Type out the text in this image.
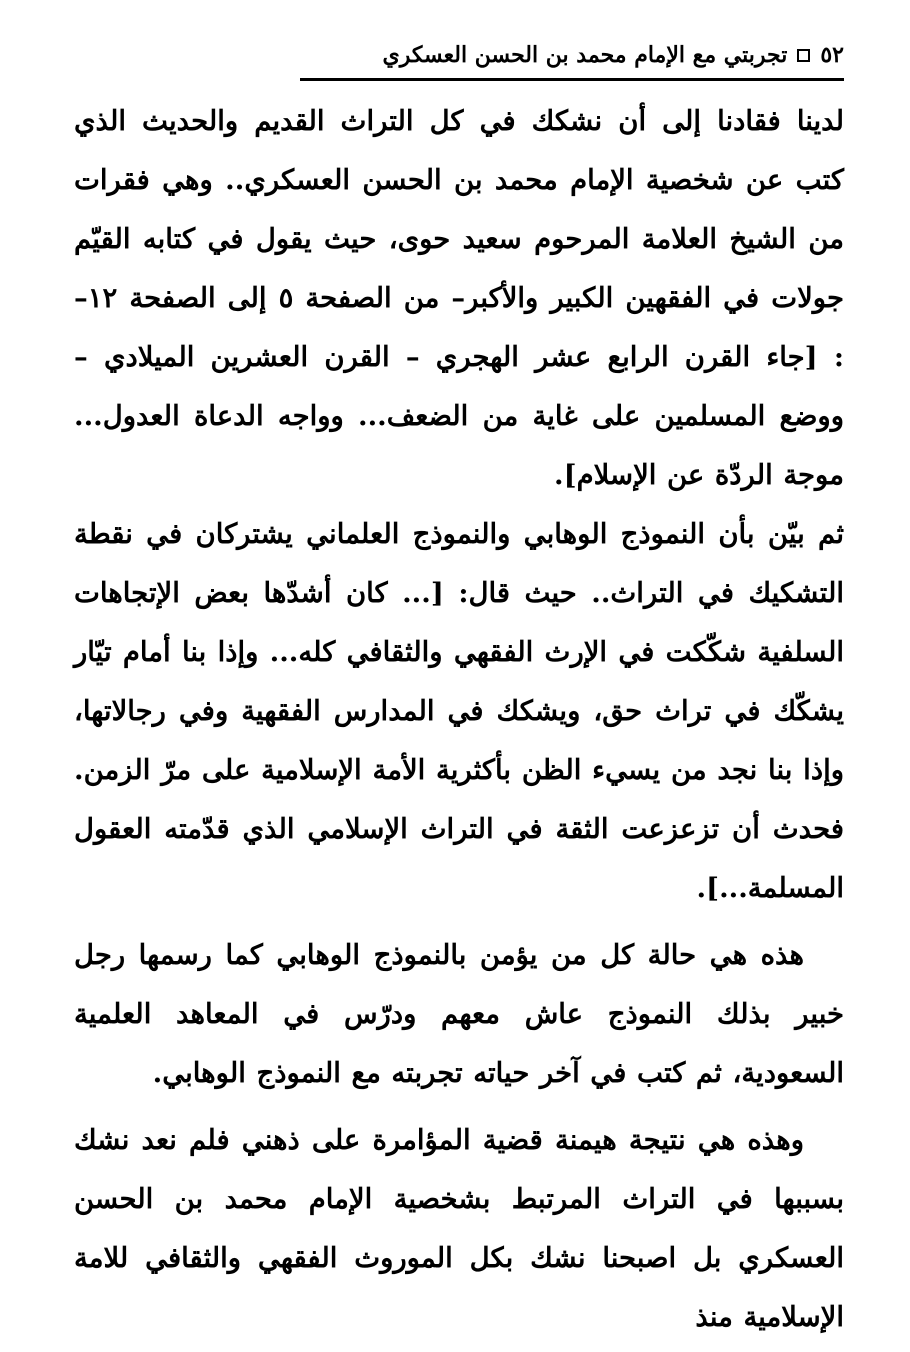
٥٢
تجربتي مع الإمام محمد بن الحسن العسكري

لدينا فقادنا إلى أن نشكك في كل التراث القديم والحديث الذي كتب عن شخصية الإمام محمد بن الحسن العسكري.. وهي فقرات من الشيخ العلامة المرحوم سعيد حوى، حيث يقول في كتابه القيّم جولات في الفقهين الكبير والأكبر– من الصفحة ٥ إلى الصفحة ١٢– : [جاء القرن الرابع عشر الهجري – القرن العشرين الميلادي – ووضع المسلمين على غاية من الضعف... وواجه الدعاة العدول... موجة الردّة عن الإسلام].

ثم بيّن بأن النموذج الوهابي والنموذج العلماني يشتركان في نقطة التشكيك في التراث.. حيث قال: [... كان أشدّها بعض الإتجاهات السلفية شكّكت في الإرث الفقهي والثقافي كله... وإذا بنا أمام تيّار يشكّك في تراث حق، ويشكك في المدارس الفقهية وفي رجالاتها، وإذا بنا نجد من يسيء الظن بأكثرية الأمة الإسلامية على مرّ الزمن. فحدث أن تزعزعت الثقة في التراث الإسلامي الذي قدّمته العقول المسلمة...].

هذه هي حالة كل من يؤمن بالنموذج الوهابي كما رسمها رجل خبير بذلك النموذج عاش معهم ودرّس في المعاهد العلمية السعودية، ثم كتب في آخر حياته تجربته مع النموذج الوهابي.

وهذه هي نتيجة هيمنة قضية المؤامرة على ذهني فلم نعد نشك بسببها في التراث المرتبط بشخصية الإمام محمد بن الحسن العسكري بل اصبحنا نشك بكل الموروث الفقهي والثقافي للامة الإسلامية منذ
